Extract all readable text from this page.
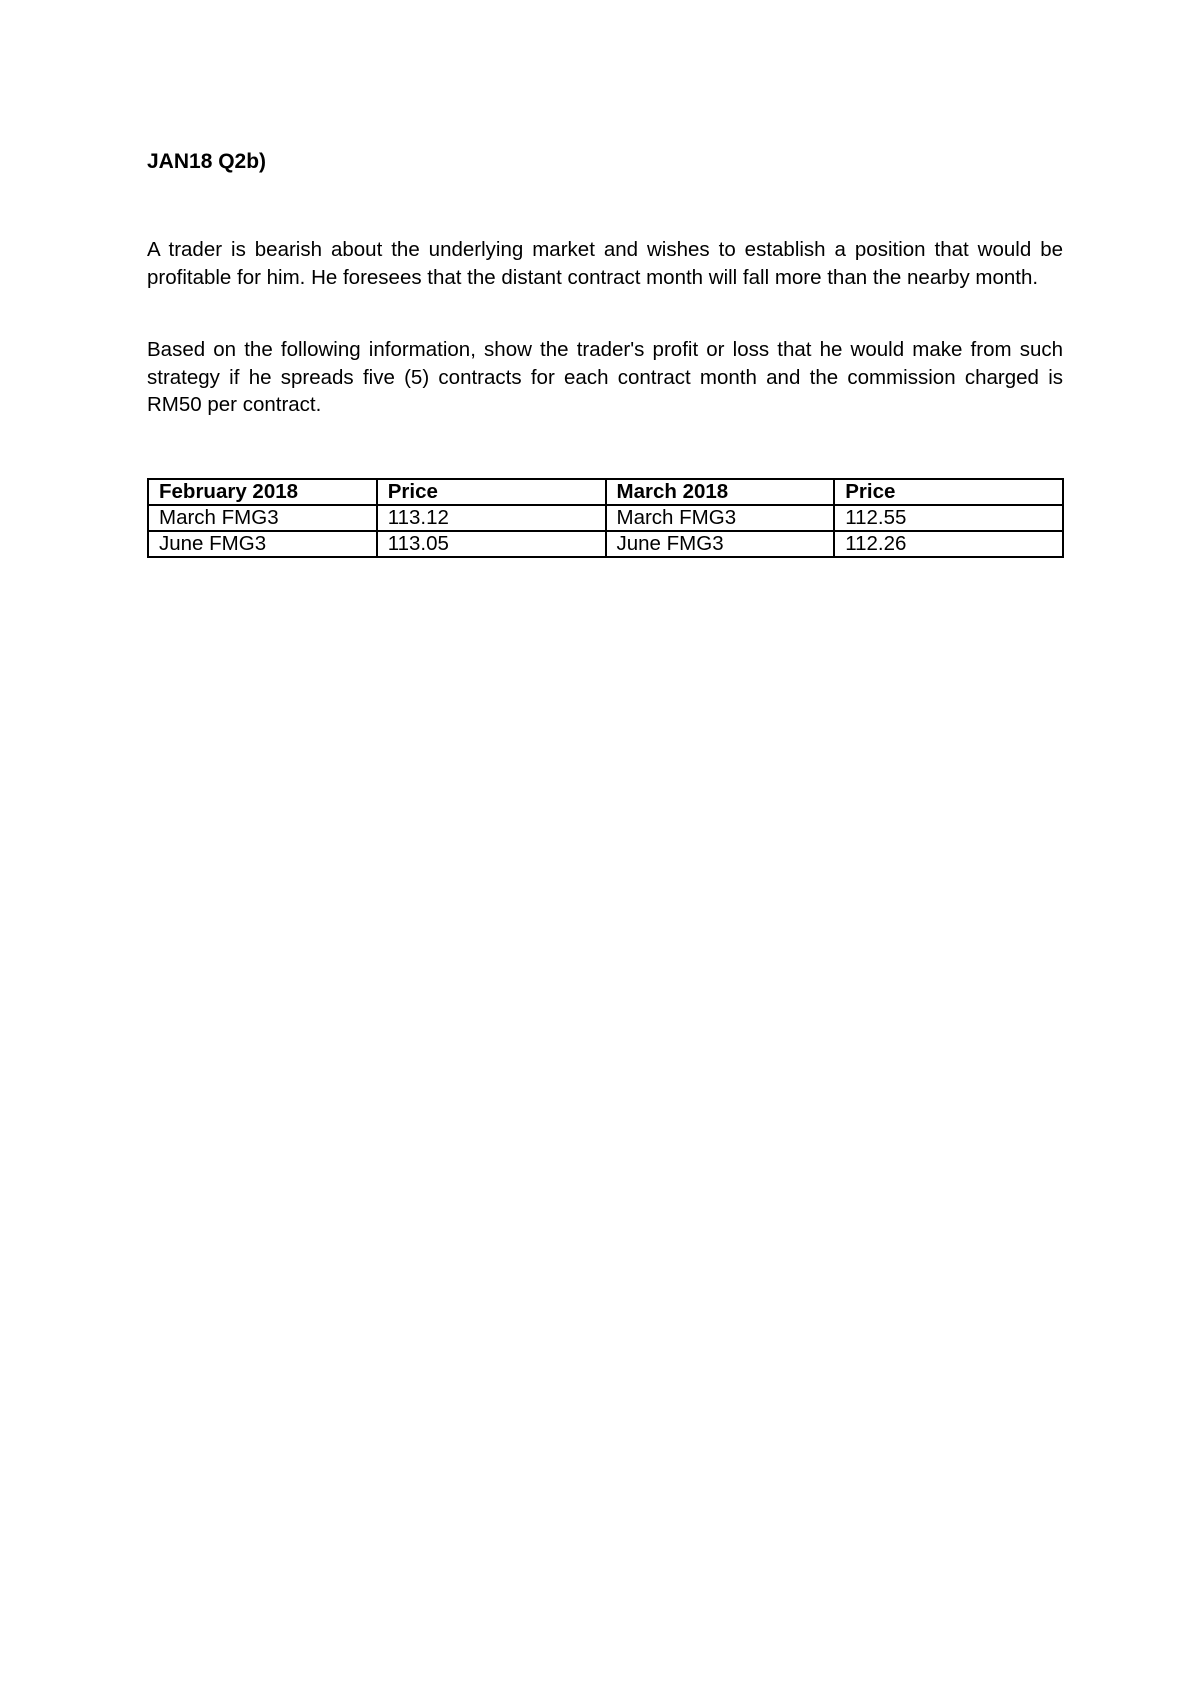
JAN18 Q2b)

A trader is bearish about the underlying market and wishes to establish a position that would be profitable for him. He foresees that the distant contract month will fall more than the nearby month.

Based on the following information, show the trader's profit or loss that he would make from such strategy if he spreads five (5) contracts for each contract month and the commission charged is RM50 per contract.

February 2018	Price	March 2018	Price
March FMG3	113.12	March FMG3	112.55
June FMG3	113.05	June FMG3	112.26
